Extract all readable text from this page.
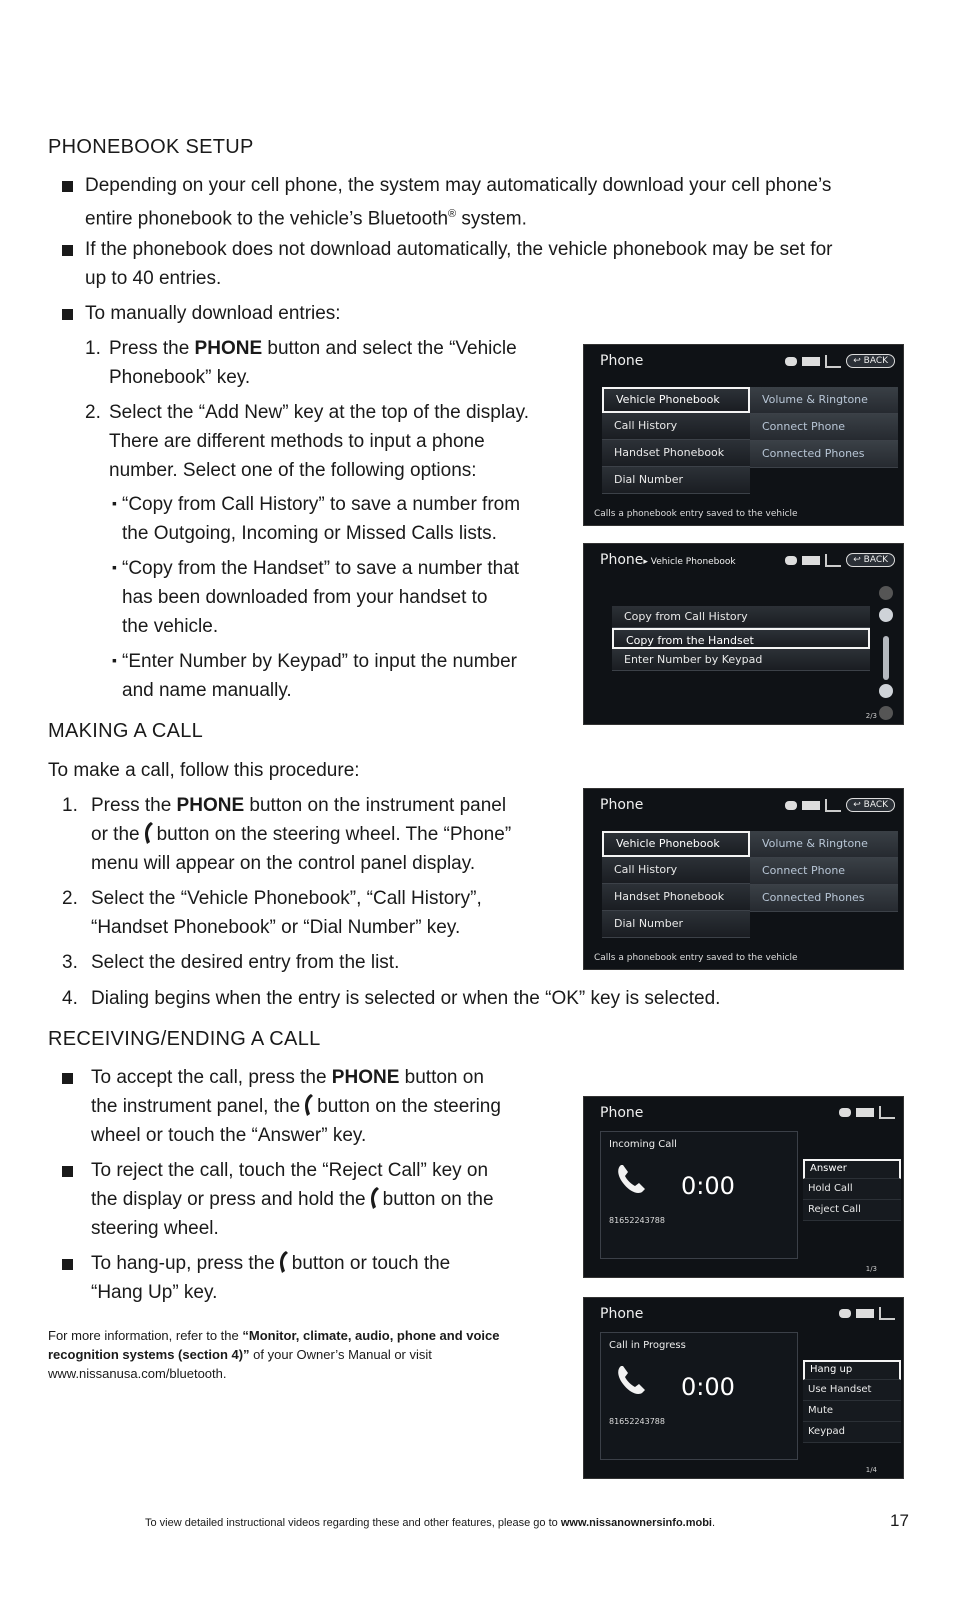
PHONEBOOK SETUP
Depending on your cell phone, the system may automatically download your cell phone’s
entire phonebook to the vehicle’s Bluetooth® system.
If the phonebook does not download automatically, the vehicle phonebook may be set for
up to 40 entries.
To manually download entries:
1. Press the PHONE button and select the “Vehicle
Phonebook” key.
2. Select the “Add New” key at the top of the display.
There are different methods to input a phone
number. Select one of the following options:
▪ “Copy from Call History” to save a number from
the Outgoing, Incoming or Missed Calls lists.
▪ “Copy from the Handset” to save a number that
has been downloaded from your handset to
the vehicle.
▪ “Enter Number by Keypad” to input the number
and name manually.
MAKING A CALL
To make a call, follow this procedure:
1. Press the PHONE button on the instrument panel
or the button on the steering wheel. The “Phone”
menu will appear on the control panel display.
2. Select the “Vehicle Phonebook”, “Call History”,
“Handset Phonebook” or “Dial Number” key.
3. Select the desired entry from the list.
4. Dialing begins when the entry is selected or when the “OK” key is selected.
RECEIVING/ENDING A CALL
To accept the call, press the PHONE button on
the instrument panel, the button on the steering
wheel or touch the “Answer” key.
To reject the call, touch the “Reject Call” key on
the display or press and hold the button on the
steering wheel.
To hang-up, press the button or touch the
“Hang Up” key.
For more information, refer to the “Monitor, climate, audio, phone and voice recognition systems (section 4)” of your Owner’s Manual or visit www.nissanusa.com/bluetooth.
To view detailed instructional videos regarding these and other features, please go to www.nissanownersinfo.mobi.	17
Phone	↩ BACK
Vehicle Phonebook
Call History
Handset Phonebook
Dial Number
Volume & Ringtone
Connect Phone
Connected Phones
Calls a phonebook entry saved to the vehicle
Phone▸ Vehicle Phonebook	↩ BACK
Copy from Call History
Copy from the Handset
Enter Number by Keypad
2/3
Phone	↩ BACK
Vehicle Phonebook
Call History
Handset Phonebook
Dial Number
Volume & Ringtone
Connect Phone
Connected Phones
Calls a phonebook entry saved to the vehicle
Phone
Incoming Call
0:00
81652243788
Answer
Hold Call
Reject Call
1/3
Phone
Call in Progress
0:00
81652243788
Hang up
Use Handset
Mute
Keypad
1/4
